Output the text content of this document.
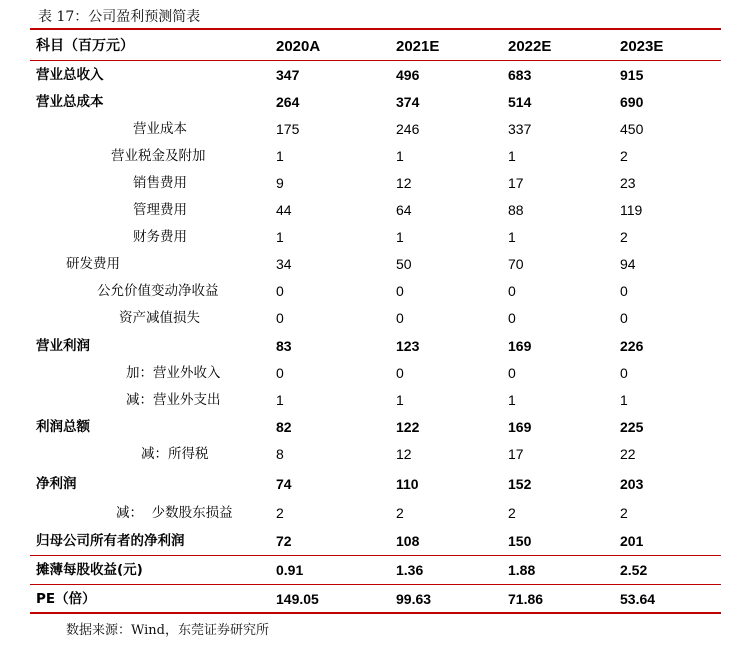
表 17：公司盈利预测简表
科目（百万元）	2020A	2021E	2022E	2023E
营业总收入	347	496	683	915
营业总成本	264	374	514	690
营业成本	175	246	337	450
营业税金及附加	1	1	1	2
销售费用	9	12	17	23
管理费用	44	64	88	119
财务费用	1	1	1	2
研发费用	34	50	70	94
公允价值变动净收益	0	0	0	0
资产减值损失	0	0	0	0
营业利润	83	123	169	226
加：营业外收入	0	0	0	0
减：营业外支出	1	1	1	1
利润总额	82	122	169	225
减：所得税	8	12	17	22
净利润	74	110	152	203
减：  少数股东损益	2	2	2	2
归母公司所有者的净利润	72	108	150	201
摊薄每股收益(元)	0.91	1.36	1.88	2.52
PE（倍）	149.05	99.63	71.86	53.64
数据来源：Wind，东莞证券研究所
